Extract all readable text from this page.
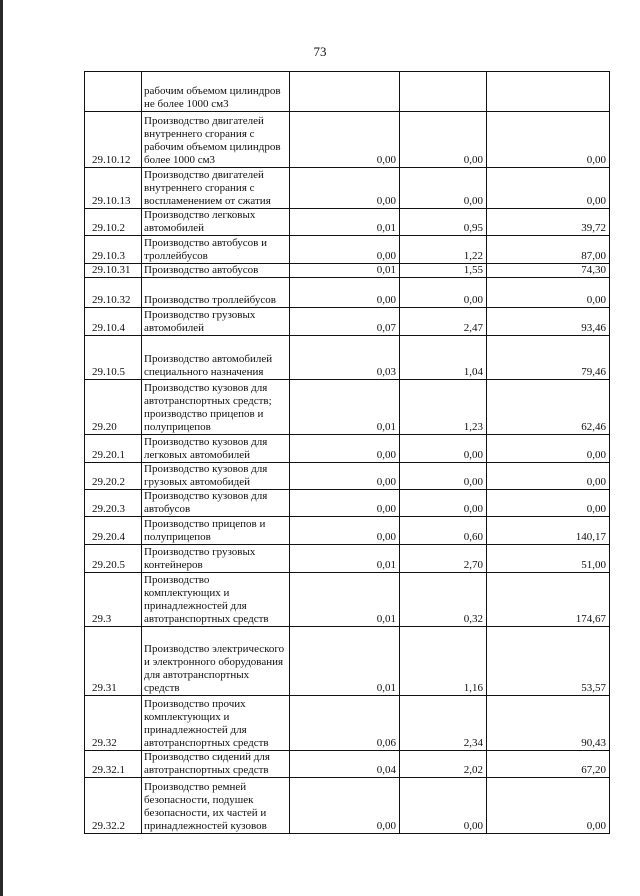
73
	рабочим объемом цилиндров не более 1000 см3			
29.10.12	Производство двигателей внутреннего сгорания с рабочим объемом цилиндров более 1000 см3	0,00	0,00	0,00
29.10.13	Производство двигателей внутреннего сгорания с воспламенением от сжатия	0,00	0,00	0,00
29.10.2	Производство легковых автомобилей	0,01	0,95	39,72
29.10.3	Производство автобусов и троллейбусов	0,00	1,22	87,00
29.10.31	Производство автобусов	0,01	1,55	74,30
29.10.32	Производство троллейбусов	0,00	0,00	0,00
29.10.4	Производство грузовых автомобилей	0,07	2,47	93,46
29.10.5	Производство автомобилей специального назначения	0,03	1,04	79,46
29.20	Производство кузовов для автотранспортных средств; производство прицепов и полуприцепов	0,01	1,23	62,46
29.20.1	Производство кузовов для легковых автомобилей	0,00	0,00	0,00
29.20.2	Производство кузовов для грузовых автомобидей	0,00	0,00	0,00
29.20.3	Производство кузовов для автобусов	0,00	0,00	0,00
29.20.4	Производство прицепов и полуприцепов	0,00	0,60	140,17
29.20.5	Производство грузовых контейнеров	0,01	2,70	51,00
29.3	Производство комплектующих и принадлежностей для автотранспортных средств	0,01	0,32	174,67
29.31	Производство электрического и электронного оборудования для автотранспортных средств	0,01	1,16	53,57
29.32	Производство прочих комплектующих и принадлежностей для автотранспортных средств	0,06	2,34	90,43
29.32.1	Производство сидений для автотранспортных средств	0,04	2,02	67,20
29.32.2	Производство ремней безопасности, подушек безопасности, их частей и принадлежностей кузовов	0,00	0,00	0,00
